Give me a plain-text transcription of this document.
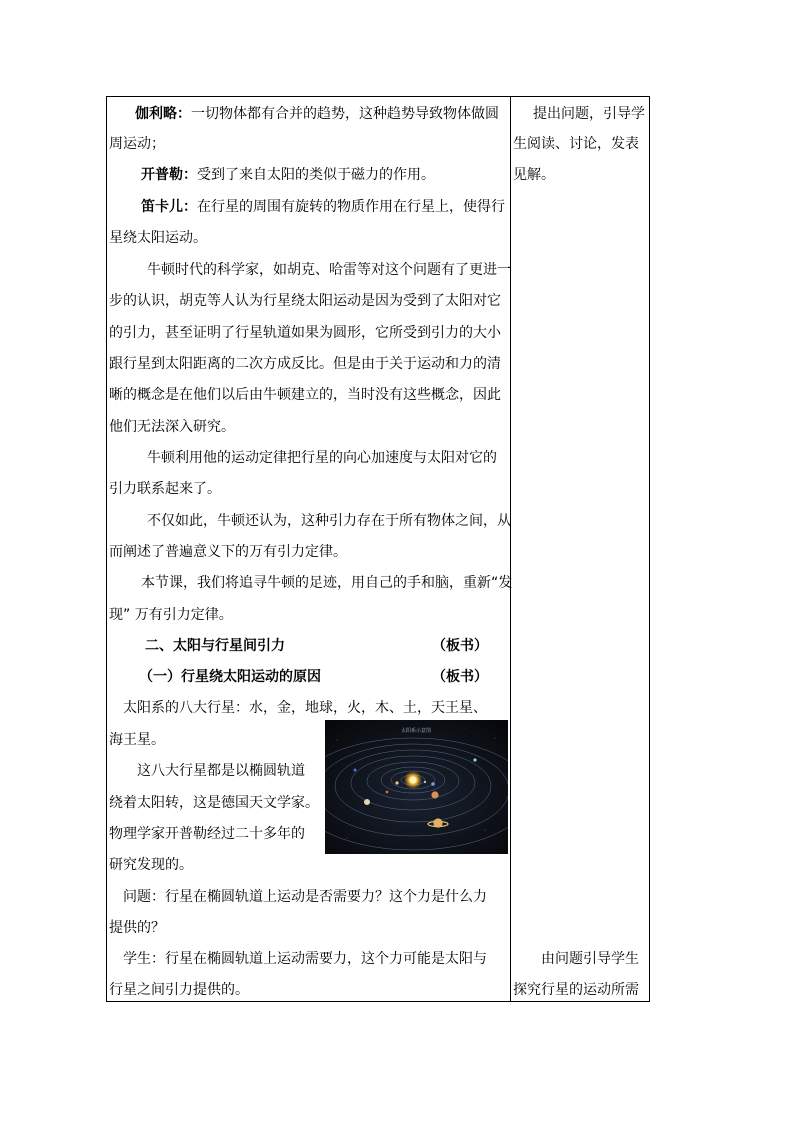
伽利略：一切物体都有合并的趋势，这种趋势导致物体做圆
周运动；
开普勒：受到了来自太阳的类似于磁力的作用。
笛卡儿：在行星的周围有旋转的物质作用在行星上，使得行
星绕太阳运动。
牛顿时代的科学家，如胡克、哈雷等对这个问题有了更进一
步的认识，胡克等人认为行星绕太阳运动是因为受到了太阳对它
的引力，甚至证明了行星轨道如果为圆形，它所受到引力的大小
跟行星到太阳距离的二次方成反比。但是由于关于运动和力的清
晰的概念是在他们以后由牛顿建立的，当时没有这些概念，因此
他们无法深入研究。
牛顿利用他的运动定律把行星的向心加速度与太阳对它的
引力联系起来了。
不仅如此，牛顿还认为，这种引力存在于所有物体之间，从
而阐述了普遍意义下的万有引力定律。
本节课，我们将追寻牛顿的足迹，用自己的手和脑，重新“发
现” 万有引力定律。
二、太阳与行星间引力	（板书）
（一）行星绕太阳运动的原因	（板书）
太阳系的八大行星：水，金，地球，火，木、土，天王星、
海王星。
这八大行星都是以椭圆轨道
绕着太阳转，这是德国天文学家。
物理学家开普勒经过二十多年的
研究发现的。
太阳系示意图
问题：行星在椭圆轨道上运动是否需要力？这个力是什么力
提供的？
学生：行星在椭圆轨道上运动需要力，这个力可能是太阳与
行星之间引力提供的。
提出问题，引导学
生阅读、讨论，发表
见解。
由问题引导学生
探究行星的运动所需
